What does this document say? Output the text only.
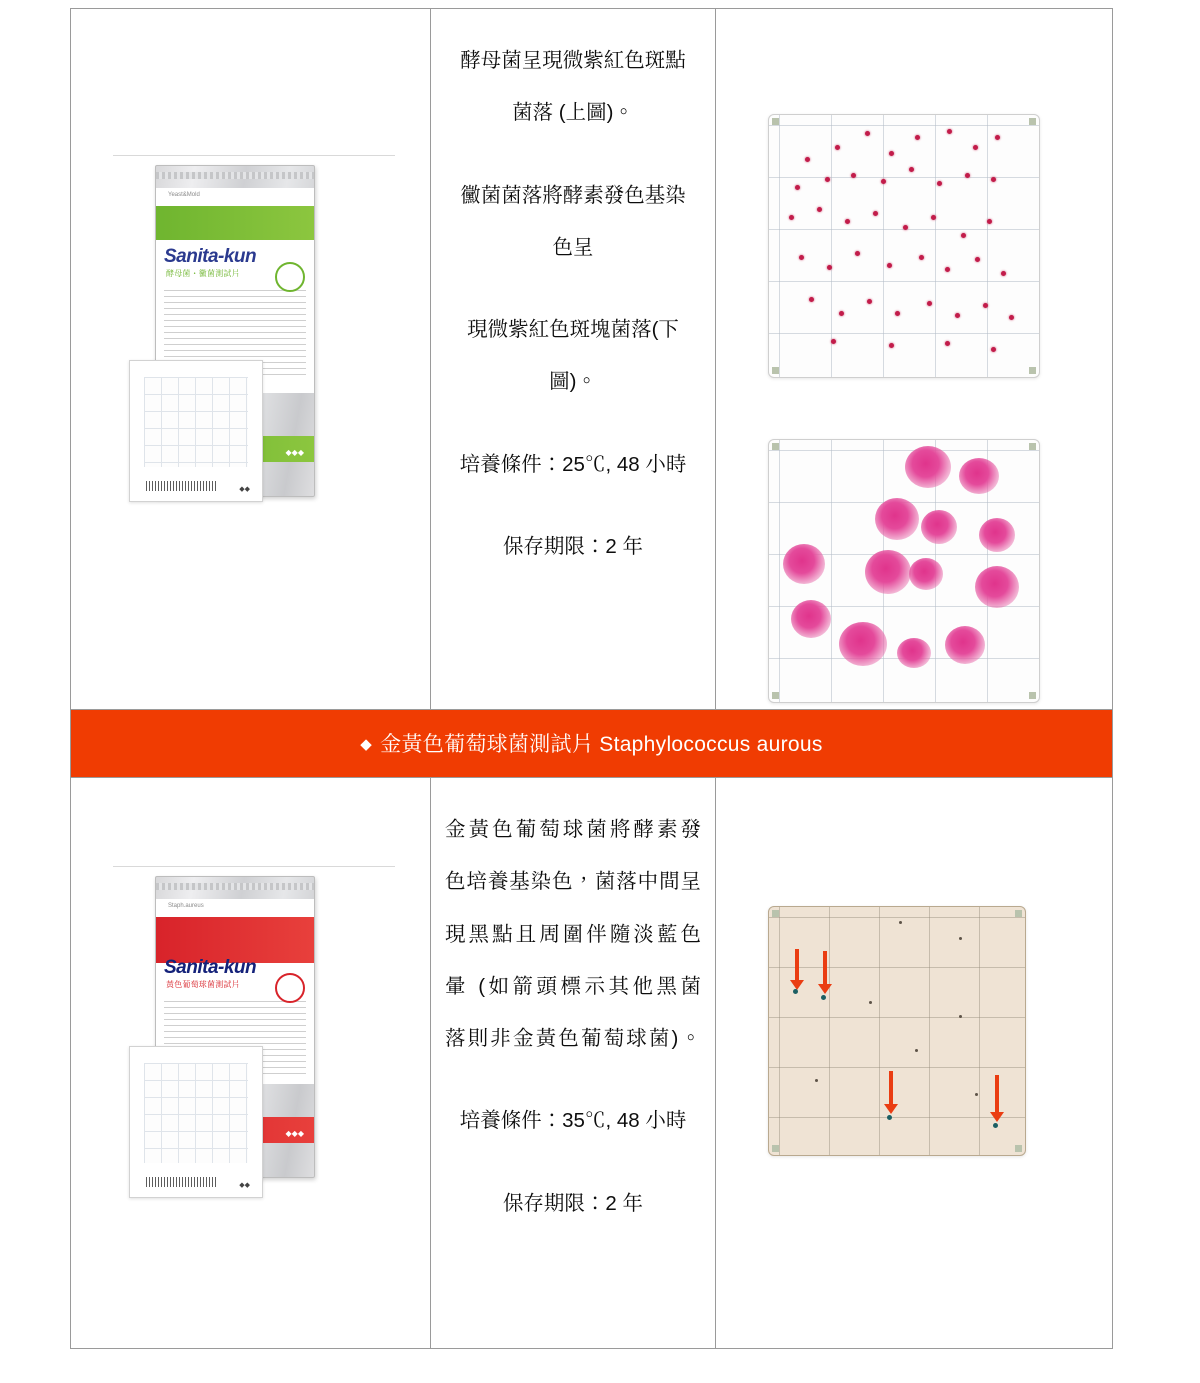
Yeast&Mold
Sanita-kun
酵母菌・黴菌測試片
◆◆◆
◆◆

酵母菌呈現微紫紅色斑點

菌落 (上圖)。

黴菌菌落將酵素發色基染

色呈

現微紫紅色斑塊菌落(下

圖)。

培養條件：25℃, 48 小時

保存期限：2 年

◆ 金黃色葡萄球菌測試片 Staphylococcus aurous		

Staph.aureus
Sanita-kun
黃色葡萄球菌測試片
◆◆◆
◆◆

金黃色葡萄球菌將酵素發

色培養基染色，菌落中間呈

現黑點且周圍伴隨淡藍色

暈 (如箭頭標示其他黑菌

落則非金黃色葡萄球菌)。

培養條件：35℃, 48 小時

保存期限：2 年
